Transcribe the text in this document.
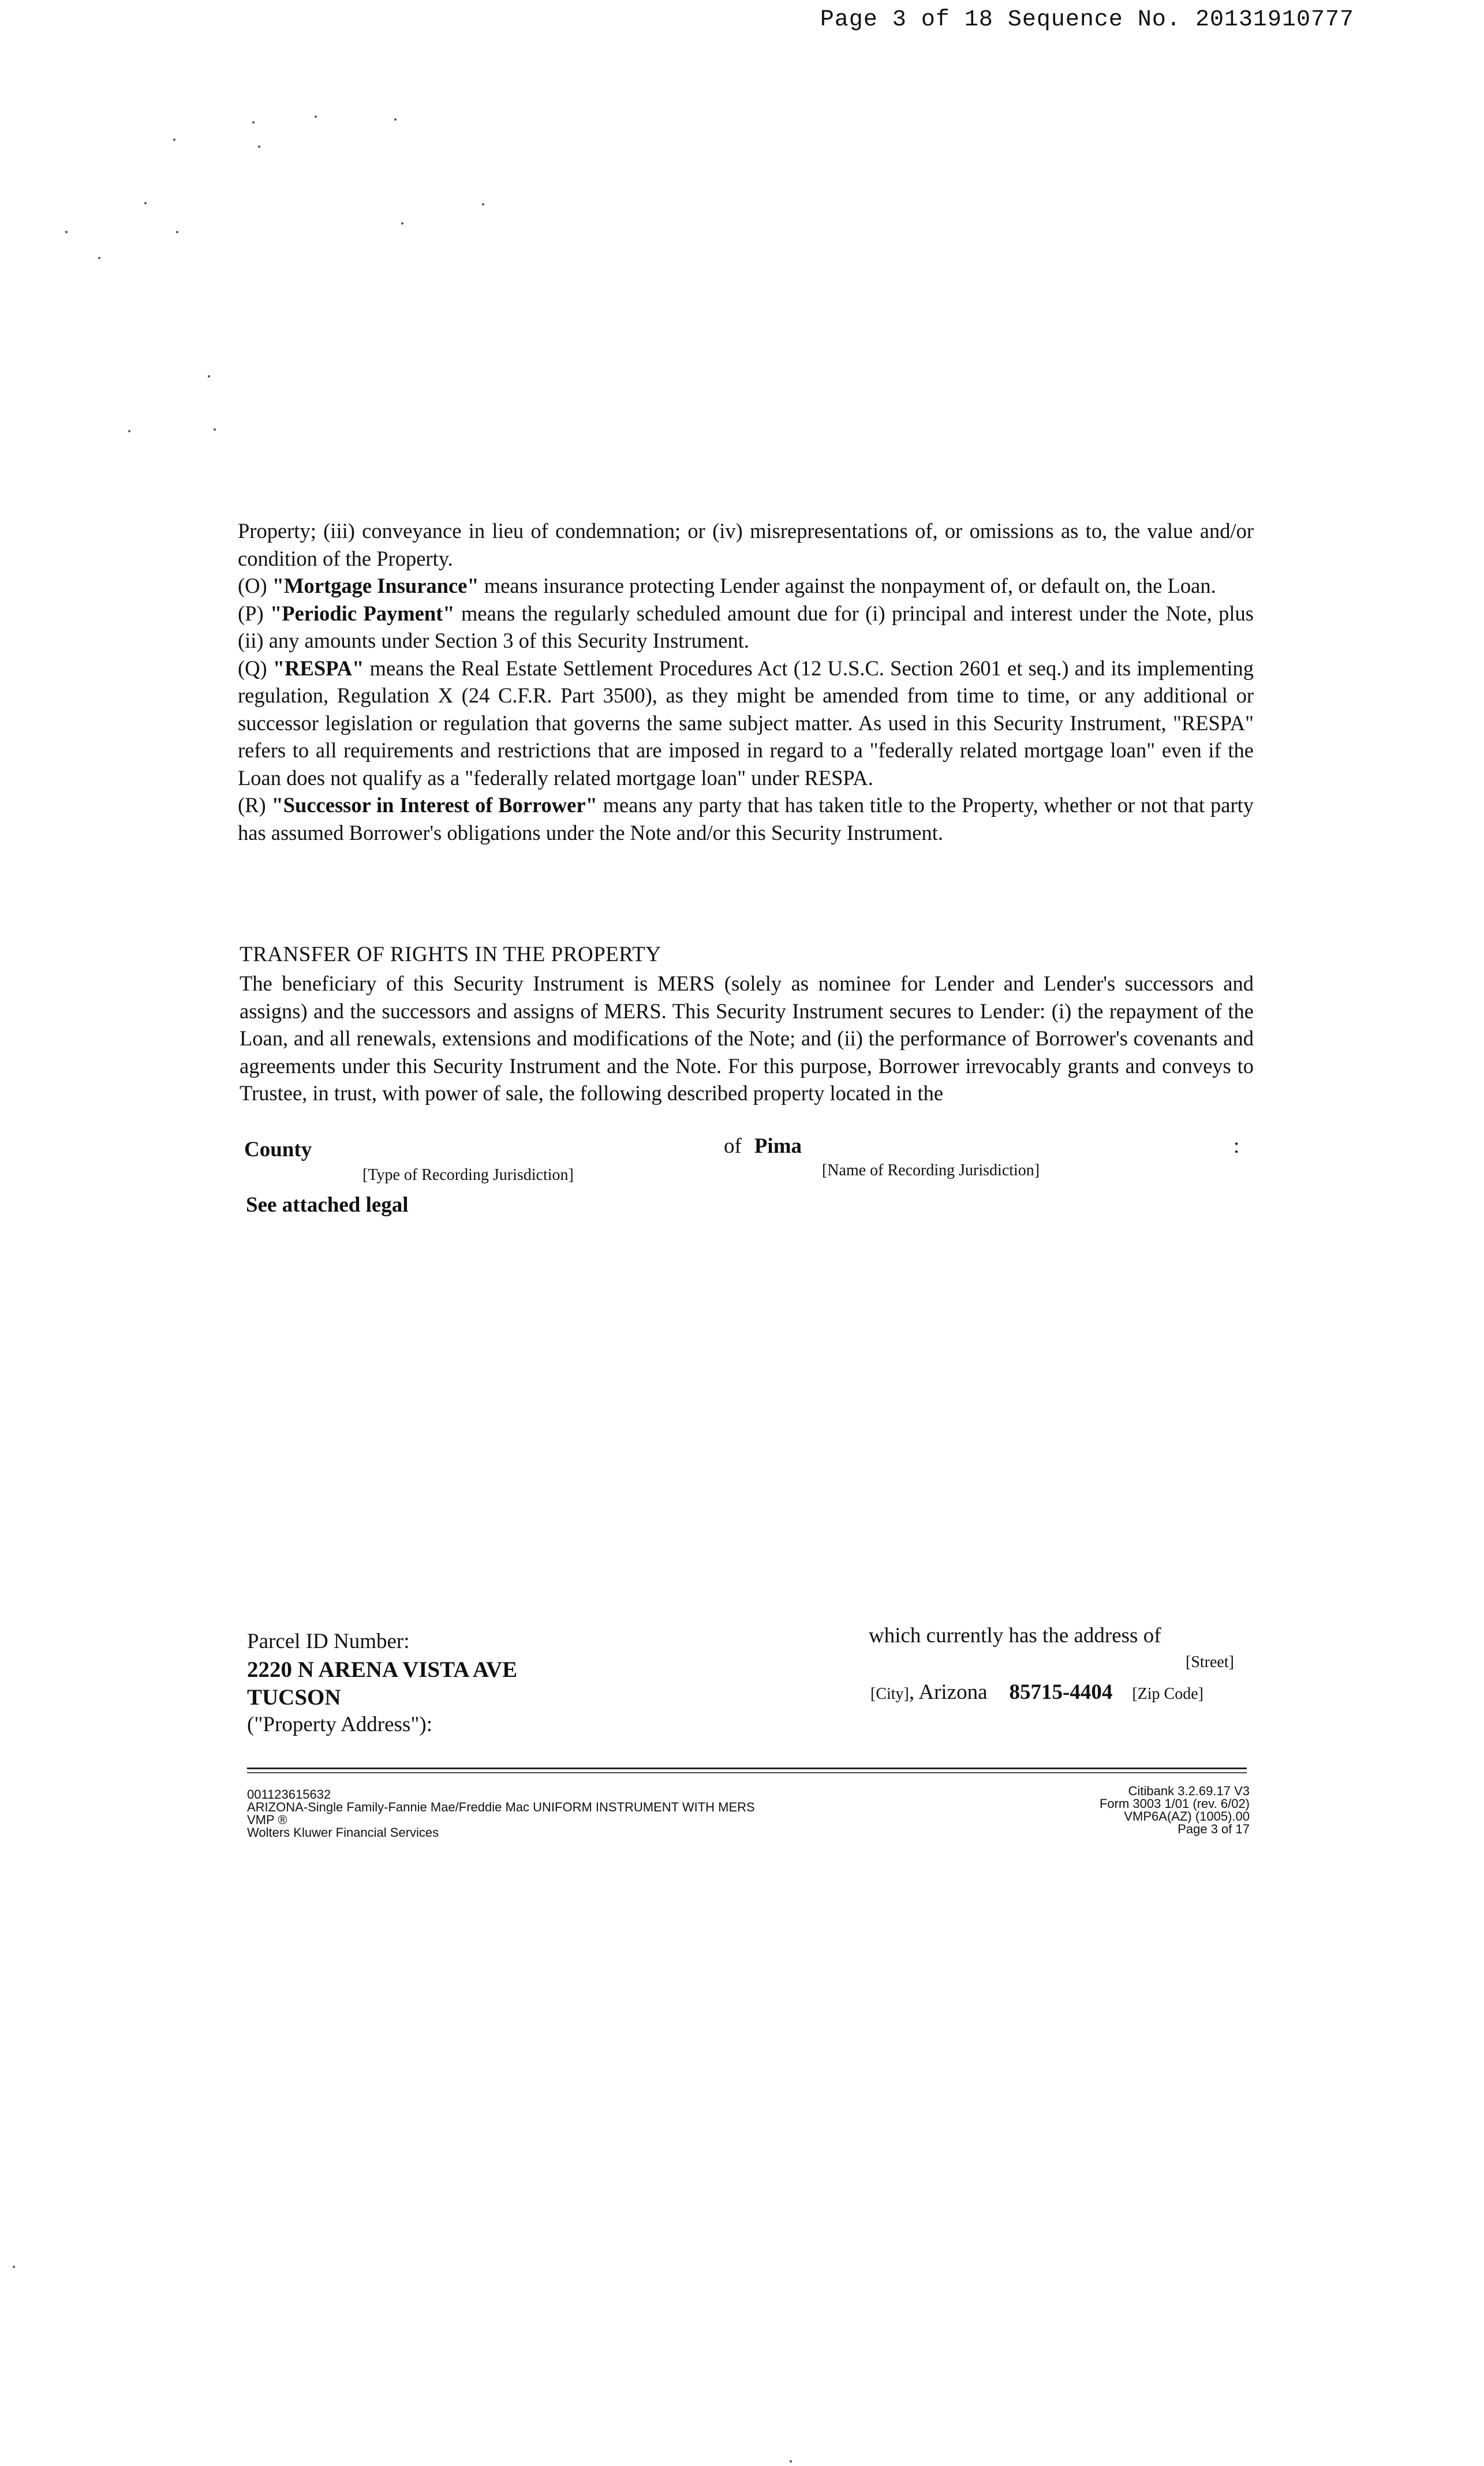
Page 3 of 18 Sequence No. 20131910777

Property; (iii) conveyance in lieu of condemnation; or (iv) misrepresentations of, or omissions as to, the value and/or condition of the Property.

(O) "Mortgage Insurance" means insurance protecting Lender against the nonpayment of, or default on, the Loan.

(P) "Periodic Payment" means the regularly scheduled amount due for (i) principal and interest under the Note, plus (ii) any amounts under Section 3 of this Security Instrument.

(Q) "RESPA" means the Real Estate Settlement Procedures Act (12 U.S.C. Section 2601 et seq.) and its implementing regulation, Regulation X (24 C.F.R. Part 3500), as they might be amended from time to time, or any additional or successor legislation or regulation that governs the same subject matter. As used in this Security Instrument, "RESPA" refers to all requirements and restrictions that are imposed in regard to a "federally related mortgage loan" even if the Loan does not qualify as a "federally related mortgage loan" under RESPA.

(R) "Successor in Interest of Borrower" means any party that has taken title to the Property, whether or not that party has assumed Borrower's obligations under the Note and/or this Security Instrument.

TRANSFER OF RIGHTS IN THE PROPERTY
The beneficiary of this Security Instrument is MERS (solely as nominee for Lender and Lender's successors and assigns) and the successors and assigns of MERS. This Security Instrument secures to Lender: (i) the repayment of the Loan, and all renewals, extensions and modifications of the Note; and (ii) the performance of Borrower's covenants and agreements under this Security Instrument and the Note. For this purpose, Borrower irrevocably grants and conveys to Trustee, in trust, with power of sale, the following described property located in the
County	of Pima	:
[Type of Recording Jurisdiction]	[Name of Recording Jurisdiction]
See attached legal
Parcel ID Number:
2220 N ARENA VISTA AVE
TUCSON
("Property Address"):
which currently has the address of
[Street]
[City], Arizona 85715-4404 [Zip Code]
001123615632
ARIZONA-Single Family-Fannie Mae/Freddie Mac UNIFORM INSTRUMENT WITH MERS
VMP ®
Wolters Kluwer Financial Services
Citibank 3.2.69.17 V3
Form 3003 1/01 (rev. 6/02)
VMP6A(AZ) (1005).00
Page 3 of 17
